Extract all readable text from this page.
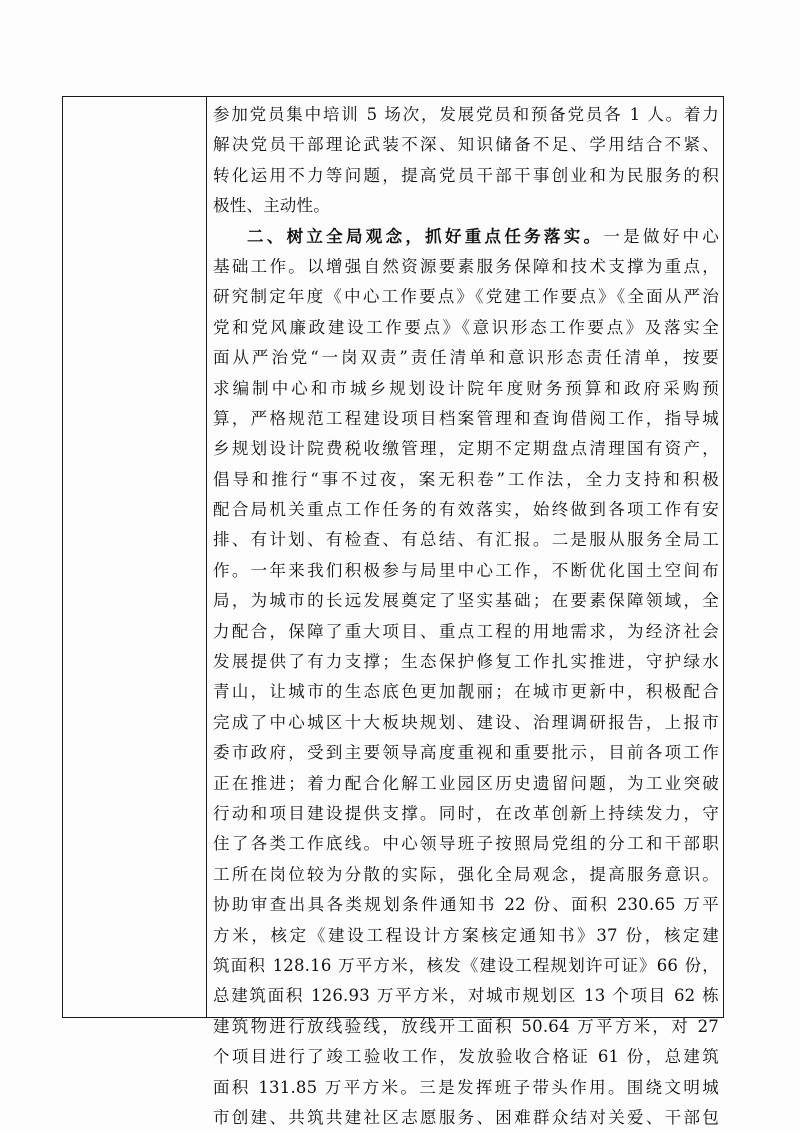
参加党员集中培训 5 场次，发展党员和预备党员各 1 人。着力
解决党员干部理论武装不深、知识储备不足、学用结合不紧、
转化运用不力等问题，提高党员干部干事创业和为民服务的积
极性、主动性。
二、树立全局观念，抓好重点任务落实。一是做好中心
基础工作。以增强自然资源要素服务保障和技术支撑为重点，
研究制定年度《中心工作要点》《党建工作要点》《全面从严治
党和党风廉政建设工作要点》《意识形态工作要点》及落实全
面从严治党“一岗双责”责任清单和意识形态责任清单，按要
求编制中心和市城乡规划设计院年度财务预算和政府采购预
算，严格规范工程建设项目档案管理和查询借阅工作，指导城
乡规划设计院费税收缴管理，定期不定期盘点清理国有资产，
倡导和推行“事不过夜，案无积卷”工作法，全力支持和积极
配合局机关重点工作任务的有效落实，始终做到各项工作有安
排、有计划、有检查、有总结、有汇报。二是服从服务全局工
作。一年来我们积极参与局里中心工作，不断优化国土空间布
局，为城市的长远发展奠定了坚实基础；在要素保障领域，全
力配合，保障了重大项目、重点工程的用地需求，为经济社会
发展提供了有力支撑；生态保护修复工作扎实推进，守护绿水
青山，让城市的生态底色更加靓丽；在城市更新中，积极配合
完成了中心城区十大板块规划、建设、治理调研报告，上报市
委市政府，受到主要领导高度重视和重要批示，目前各项工作
正在推进；着力配合化解工业园区历史遗留问题，为工业突破
行动和项目建设提供支撑。同时，在改革创新上持续发力，守
住了各类工作底线。中心领导班子按照局党组的分工和干部职
工所在岗位较为分散的实际，强化全局观念，提高服务意识。
协助审查出具各类规划条件通知书 22 份、面积 230.65 万平
方米，核定《建设工程设计方案核定通知书》37 份，核定建
筑面积 128.16 万平方米，核发《建设工程规划许可证》66 份，
总建筑面积 126.93 万平方米，对城市规划区 13 个项目 62 栋
建筑物进行放线验线，放线开工面积 50.64 万平方米，对 27
个项目进行了竣工验收工作，发放验收合格证 61 份，总建筑
面积 131.85 万平方米。三是发挥班子带头作用。围绕文明城
市创建、共筑共建社区志愿服务、困难群众结对关爱、干部包
